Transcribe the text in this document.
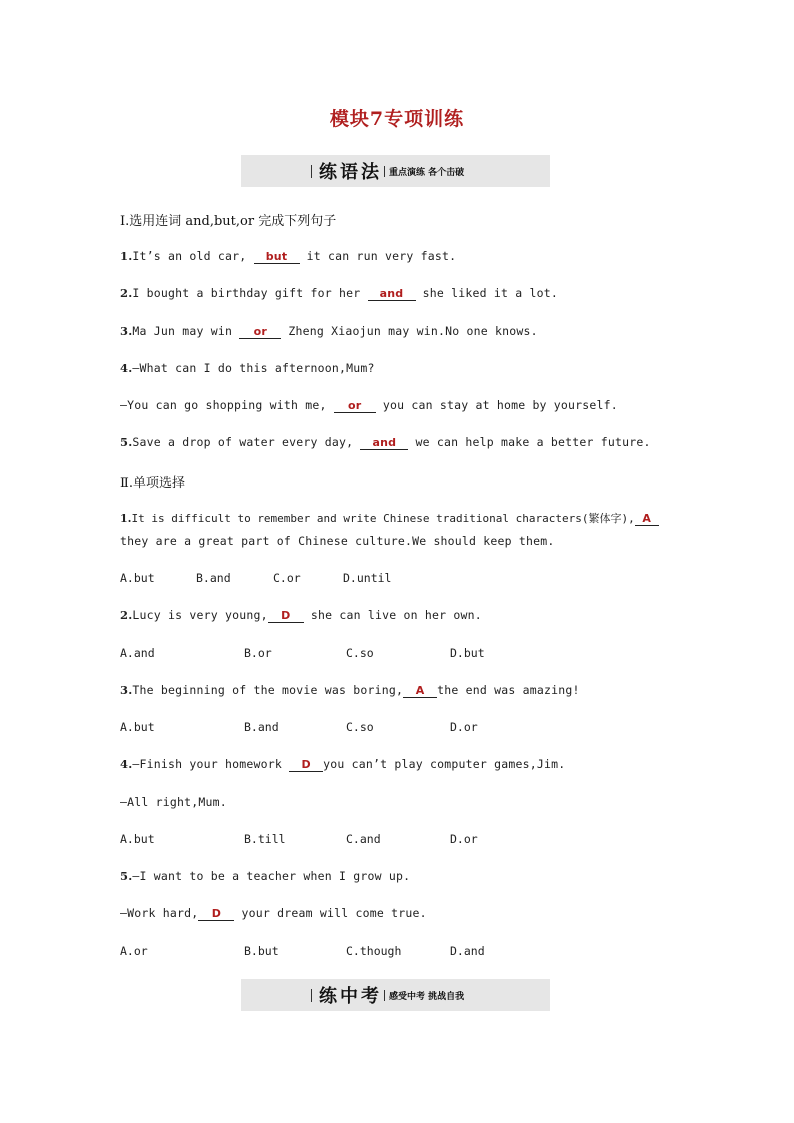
模块7专项训练
练语法 重点演练 各个击破
Ⅰ.选用连词 and,but,or 完成下列句子
1.It’s an old car, but it can run very fast.
2.I bought a birthday gift for her and she liked it a lot.
3.Ma Jun may win or Zheng Xiaojun may win.No one knows.
4.—What can I do this afternoon,Mum?
—You can go shopping with me, or you can stay at home by yourself.
5.Save a drop of water every day, and we can help make a better future.
Ⅱ.单项选择
1.It is difficult to remember and write Chinese traditional characters(繁体字), A
they are a great part of Chinese culture.We should keep them.
A.but	B.and	C.or	D.until
2.Lucy is very young, D she can live on her own.
A.and	B.or	C.so	D.but
3.The beginning of the movie was boring, A the end was amazing!
A.but	B.and	C.so	D.or
4.—Finish your homework D you can’t play computer games,Jim.
—All right,Mum.
A.but	B.till	C.and	D.or
5.—I want to be a teacher when I grow up.
—Work hard, D your dream will come true.
A.or	B.but	C.though	D.and
练中考 感受中考 挑战自我
